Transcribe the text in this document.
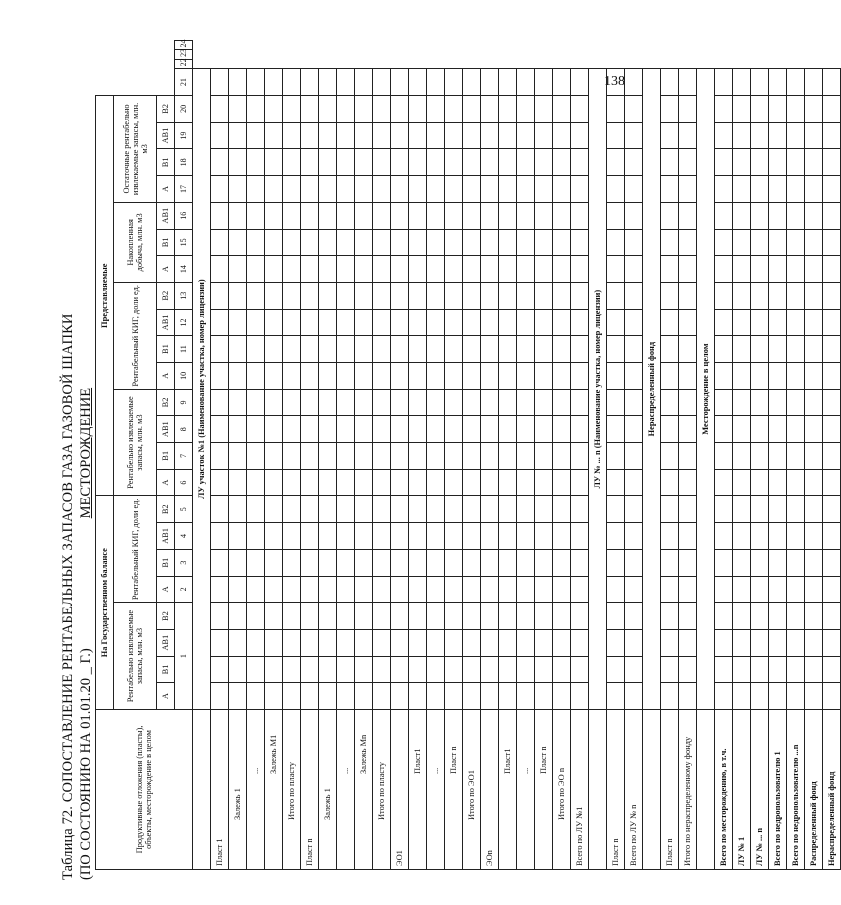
138
Таблица 72. СОПОСТАВЛЕНИЕ РЕНТАБЕЛЬНЫХ ЗАПАСОВ ГАЗА ГАЗОВОЙ ШАПКИ (ПО СОСТОЯНИЮ НА 01.01.20 _ Г.)МЕСТОРОЖДЕНИЕ
Продуктивные отложения (пласты), объекты, месторождение в целом	На Государственном балансе								Представляемые																		
	Рентабельно извлекаемые запасы, млн. м3				Рентабельный КИГ, доли ед.				Рентабельно извлекаемые запасы, млн. м3				Рентабельный КИГ, доли ед.				Накопленная добыча, млн. м3			Остаточные рентабельно извлекаемые запасы, млн. м3							
	А	В1	АВ1	В2	А	В1	АВ1	В2	А	В1	АВ1	В2	А	В1	АВ1	В2	А	В1	АВ1	А	В1	АВ1	В2				
	1				2	3	4	5	6	7	8	9	10	11	12	13	14	15	16	17	18	19	20	21	22	23	24
	ЛУ участок №1 (Наименование участка, номер лицензии)																										
Пласт 1																											
Залежь 1																											
...																											
Залежь М1																											
Итого по пласту																											
Пласт n																											
Залежь 1																											
...																											
Залежь Mn																											
Итого по пласту																											
ЭО1																											
Пласт1																											
...																											
Пласт n																											
Итого по ЭО1																											
ЭОn																											
Пласт1																											
...																											
Пласт n																											
Итого по ЭО n																											
Всего по ЛУ №1																											
	ЛУ № ... n (Наименование участка, номер лицензии)																										
Пласт n																											
Всего по ЛУ № n																											
	Нераспределенный фонд																										
Пласт n																											
Итого по нераспределенному фонду																											
	Месторождение в целом																										
Всего по месторождению, в т.ч.																											
ЛУ № 1																											
ЛУ № ... n																											
Всего по недропользователю 1																											
Всего по недропользователю ...n																											
Распределенный фонд																											
Нераспределенный фонд																											
